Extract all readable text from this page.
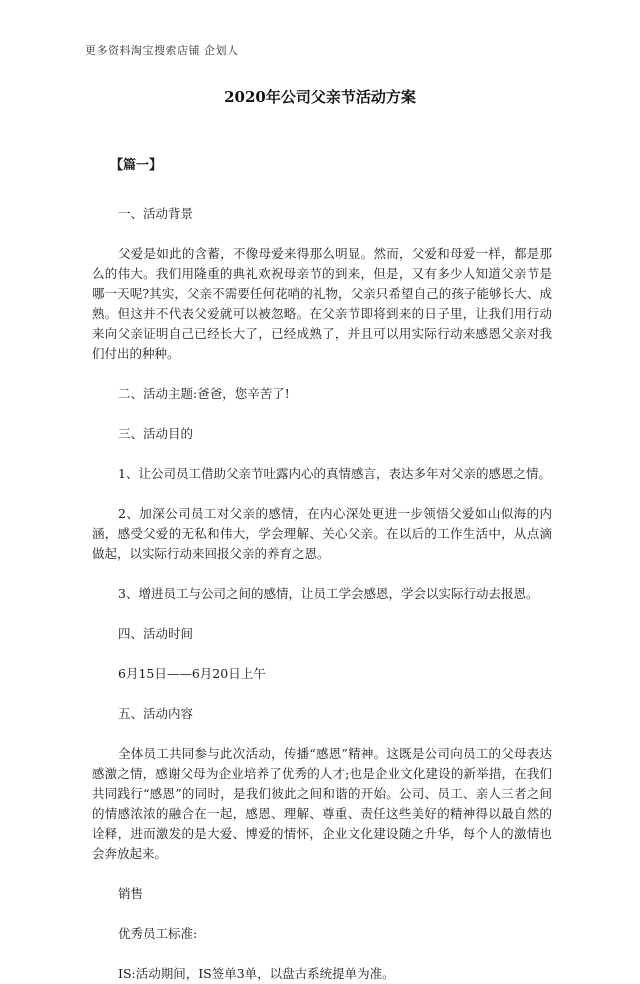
更多资料淘宝搜索店铺 企划人
2020年公司父亲节活动方案

【篇一】

一、活动背景

父爱是如此的含蓄，不像母爱来得那么明显。然而，父爱和母爱一样，都是那么的伟大。我们用隆重的典礼欢祝母亲节的到来，但是，又有多少人知道父亲节是哪一天呢?其实，父亲不需要任何花哨的礼物，父亲只希望自己的孩子能够长大、成熟。但这并不代表父爱就可以被忽略。在父亲节即将到来的日子里，让我们用行动来向父亲证明自己已经长大了，已经成熟了，并且可以用实际行动来感恩父亲对我们付出的种种。

二、活动主题:爸爸，您辛苦了!

三、活动目的

1、让公司员工借助父亲节吐露内心的真情感言，表达多年对父亲的感恩之情。

2、加深公司员工对父亲的感情，在内心深处更进一步领悟父爱如山似海的内涵，感受父爱的无私和伟大，学会理解、关心父亲。在以后的工作生活中，从点滴做起，以实际行动来回报父亲的养育之恩。

3、增进员工与公司之间的感情，让员工学会感恩，学会以实际行动去报恩。

四、活动时间

6月15日——6月20日上午

五、活动内容

全体员工共同参与此次活动，传播“感恩”精神。这既是公司向员工的父母表达感激之情，感谢父母为企业培养了优秀的人才;也是企业文化建设的新举措，在我们共同践行“感恩”的同时，是我们彼此之间和谐的开始。公司、员工、亲人三者之间的情感浓浓的融合在一起，感恩、理解、尊重、责任这些美好的精神得以最自然的诠释，进而激发的是大爱、博爱的情怀，企业文化建设随之升华，每个人的激情也会奔放起来。

销售

优秀员工标准:

IS:活动期间，IS签单3单，以盘古系统提单为准。
